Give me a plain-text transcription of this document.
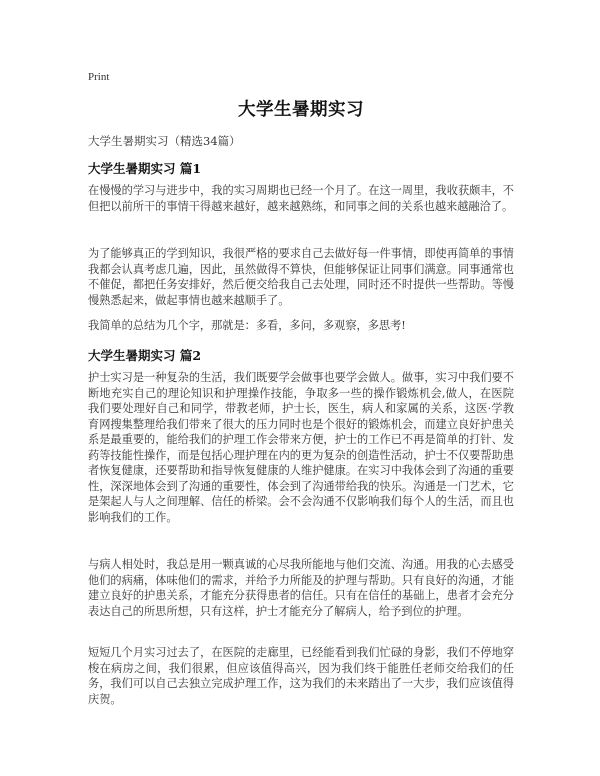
Print
大学生暑期实习
大学生暑期实习（精选34篇）
大学生暑期实习 篇1
在慢慢的学习与进步中，我的实习周期也已经一个月了。在这一周里，我收获颇丰，不但把以前所干的事情干得越来越好，越来越熟练，和同事之间的关系也越来越融洽了。
为了能够真正的学到知识，我很严格的要求自己去做好每一件事情，即使再简单的事情我都会认真考虑几遍，因此，虽然做得不算快，但能够保证让同事们满意。同事通常也不催促，都把任务安排好，然后便交给我自己去处理，同时还不时提供一些帮助。等慢慢熟悉起来，做起事情也越来越顺手了。
我简单的总结为几个字，那就是：多看，多问，多观察，多思考!
大学生暑期实习 篇2
护士实习是一种复杂的生活，我们既要学会做事也要学会做人。做事，实习中我们要不断地充实自己的理论知识和护理操作技能，争取多一些的操作锻炼机会,做人，在医院我们要处理好自己和同学，带教老师，护士长，医生，病人和家属的关系，这医·学教育网搜集整理给我们带来了很大的压力同时也是个很好的锻炼机会，而建立良好护患关系是最重要的，能给我们的护理工作会带来方便，护士的工作已不再是简单的打针、发药等技能性操作，而是包括心理护理在内的更为复杂的创造性活动，护士不仅要帮助患者恢复健康，还要帮助和指导恢复健康的人维护健康。在实习中我体会到了沟通的重要性，深深地体会到了沟通的重要性，体会到了沟通带给我的快乐。沟通是一门艺术，它是架起人与人之间理解、信任的桥梁。会不会沟通不仅影响我们每个人的生活，而且也影响我们的工作。
与病人相处时，我总是用一颗真诚的心尽我所能地与他们交流、沟通。用我的心去感受他们的病痛，体味他们的需求，并给予力所能及的护理与帮助。只有良好的沟通，才能建立良好的护患关系，才能充分获得患者的信任。只有在信任的基础上，患者才会充分表达自己的所思所想，只有这样，护士才能充分了解病人，给予到位的护理。
短短几个月实习过去了，在医院的走廊里，已经能看到我们忙碌的身影，我们不停地穿梭在病房之间，我们很累，但应该值得高兴，因为我们终于能胜任老师交给我们的任务，我们可以自己去独立完成护理工作，这为我们的未来踏出了一大步，我们应该值得庆贺。
